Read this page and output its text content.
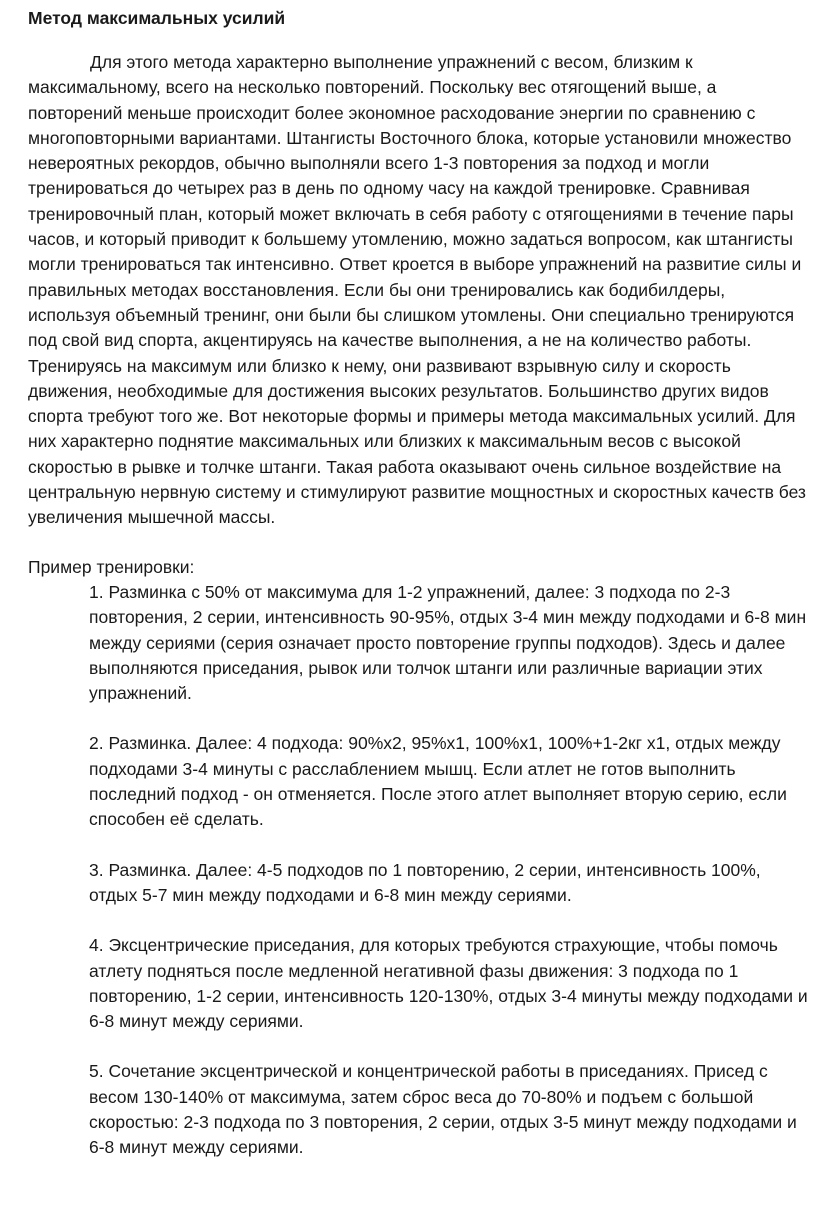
Метод максимальных усилий

Для этого метода характерно выполнение упражнений с весом, близким к максимальному, всего на несколько повторений. Поскольку вес отягощений выше, а повторений меньше происходит более экономное расходование энергии по сравнению с многоповторными вариантами. Штангисты Восточного блока, которые установили множество невероятных рекордов, обычно выполняли всего 1-3 повторения за подход и могли тренироваться до четырех раз в день по одному часу на каждой тренировке. Сравнивая тренировочный план, который может включать в себя работу с отягощениями в течение пары часов, и который приводит к большему утомлению, можно задаться вопросом, как штангисты могли тренироваться так интенсивно. Ответ кроется в выборе упражнений на развитие силы и правильных методах восстановления. Если бы они тренировались как бодибилдеры, используя объемный тренинг, они были бы слишком утомлены. Они специально тренируются под свой вид спорта, акцентируясь на качестве выполнения, а не на количество работы. Тренируясь на максимум или близко к нему, они развивают взрывную силу и скорость движения, необходимые для достижения высоких результатов. Большинство других видов спорта требуют того же. Вот некоторые формы и примеры метода максимальных усилий. Для них характерно поднятие максимальных или близких к максимальным весов с высокой скоростью в рывке и толчке штанги. Такая работа оказывают очень сильное воздействие на центральную нервную систему и стимулируют развитие мощностных и скоростных качеств без увеличения мышечной массы.

Пример тренировки:

1. Разминка с 50% от максимума для 1-2 упражнений, далее: 3 подхода по 2-3 повторения, 2 серии, интенсивность 90-95%, отдых 3-4 мин между подходами и 6-8 мин между сериями (серия означает просто повторение группы подходов). Здесь и далее выполняются приседания, рывок или толчок штанги или различные вариации этих упражнений.
2. Разминка. Далее: 4 подхода: 90%х2, 95%х1, 100%х1, 100%+1-2кг х1, отдых между подходами 3-4 минуты с расслаблением мышц. Если атлет не готов выполнить последний подход - он отменяется. После этого атлет выполняет вторую серию, если способен её сделать.
3. Разминка. Далее: 4-5 подходов по 1 повторению, 2 серии, интенсивность 100%, отдых 5-7 мин между подходами и 6-8 мин между сериями.
4. Эксцентрические приседания, для которых требуются страхующие, чтобы помочь атлету подняться после медленной негативной фазы движения: 3 подхода по 1 повторению, 1-2 серии, интенсивность 120-130%, отдых 3-4 минуты между подходами и 6-8 минут между сериями.
5. Сочетание эксцентрической и концентрической работы в приседаниях. Присед с весом 130-140% от максимума, затем сброс веса до 70-80% и подъем с большой скоростью: 2-3 подхода по 3 повторения, 2 серии, отдых 3-5 минут между подходами и 6-8 минут между сериями.
